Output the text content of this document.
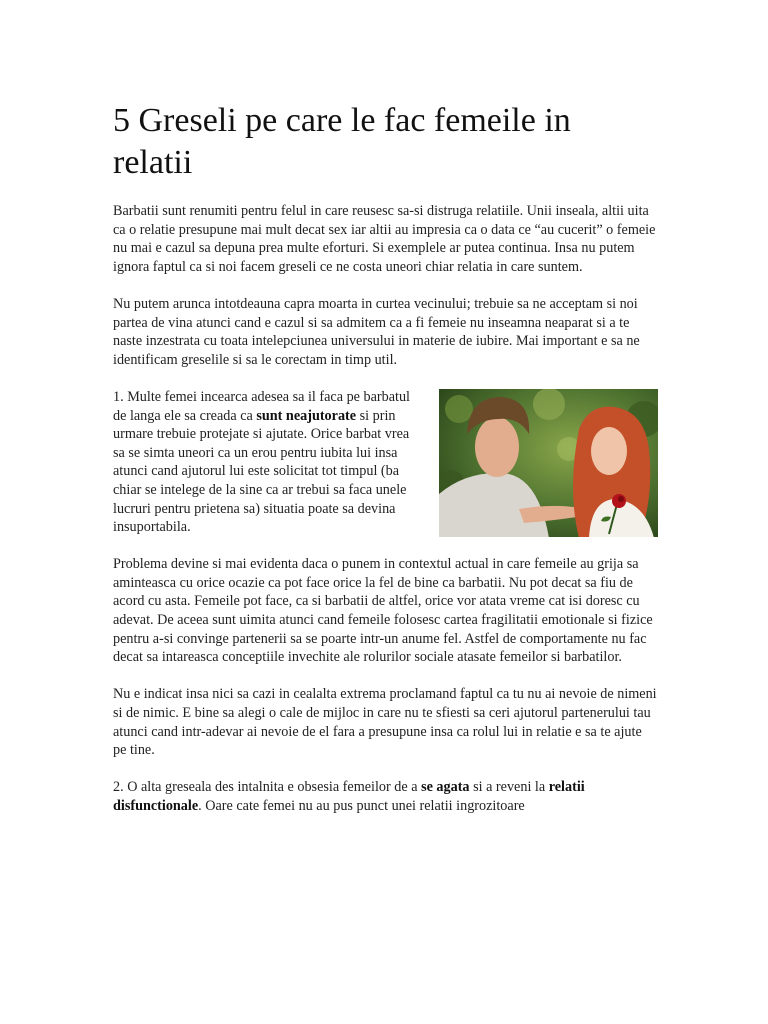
5 Greseli pe care le fac femeile in relatii

Barbatii sunt renumiti pentru felul in care reusesc sa-si distruga relatiile. Unii inseala, altii uita ca o relatie presupune mai mult decat sex iar altii au impresia ca o data ce “au cucerit” o femeie nu mai e cazul sa depuna prea multe eforturi. Si exemplele ar putea continua. Insa nu putem ignora faptul ca si noi facem greseli ce ne costa uneori chiar relatia in care suntem.

Nu putem arunca intotdeauna capra moarta in curtea vecinului; trebuie sa ne acceptam si noi partea de vina atunci cand e cazul si sa admitem ca a fi femeie nu inseamna neaparat si a te naste inzestrata cu toata intelepciunea universului in materie de iubire. Mai important e sa ne identificam greselile si sa le corectam in timp util.

1. Multe femei incearca adesea sa il faca pe barbatul de langa ele sa creada ca sunt neajutorate si prin urmare trebuie protejate si ajutate. Orice barbat vrea sa se simta uneori ca un erou pentru iubita lui insa atunci cand ajutorul lui este solicitat tot timpul (ba chiar se intelege de la sine ca ar trebui sa faca unele lucruri pentru prietena sa) situatia poate sa devina insuportabila.

Problema devine si mai evidenta daca o punem in contextul actual in care femeile au grija sa aminteasca cu orice ocazie ca pot face orice la fel de bine ca barbatii. Nu pot decat sa fiu de acord cu asta. Femeile pot face, ca si barbatii de altfel, orice vor atata vreme cat isi doresc cu adevat. De aceea sunt uimita atunci cand femeile folosesc cartea fragilitatii emotionale si fizice pentru a-si convinge partenerii sa se poarte intr-un anume fel. Astfel de comportamente nu fac decat sa intareasca conceptiile invechite ale rolurilor sociale atasate femeilor si barbatilor.

Nu e indicat insa nici sa cazi in cealalta extrema proclamand faptul ca tu nu ai nevoie de nimeni si de nimic. E bine sa alegi o cale de mijloc in care nu te sfiesti sa ceri ajutorul partenerului tau atunci cand intr-adevar ai nevoie de el fara a presupune insa ca rolul lui in relatie e sa te ajute pe tine.

2. O alta greseala des intalnita e obsesia femeilor de a se agata si a reveni la relatii disfunctionale. Oare cate femei nu au pus punct unei relatii ingrozitoare
